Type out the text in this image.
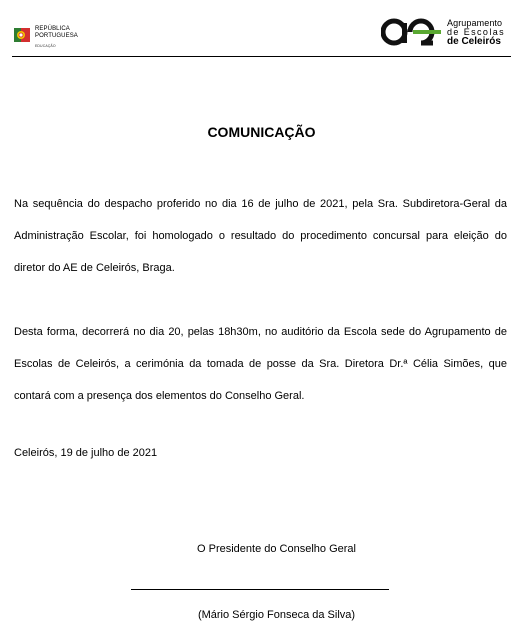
REPÚBLICA
PORTUGUESA
EDUCAÇÃO
Agrupamento
de Escolas
de Celeirós
COMUNICAÇÃO

Na sequência do despacho proferido no dia 16 de julho de 2021, pela Sra. Subdiretora-Geral da Administração Escolar, foi homologado o resultado do procedimento concursal para eleição do diretor do AE de Celeirós, Braga.

Desta forma, decorrerá no dia 20, pelas 18h30m, no auditório da Escola sede do Agrupamento de Escolas de Celeirós, a cerimónia da tomada de posse da Sra. Diretora Dr.ª Célia Simões, que contará com a presença dos elementos do Conselho Geral.

Celeirós, 19 de julho de 2021
O Presidente do Conselho Geral
(Mário Sérgio Fonseca da Silva)
